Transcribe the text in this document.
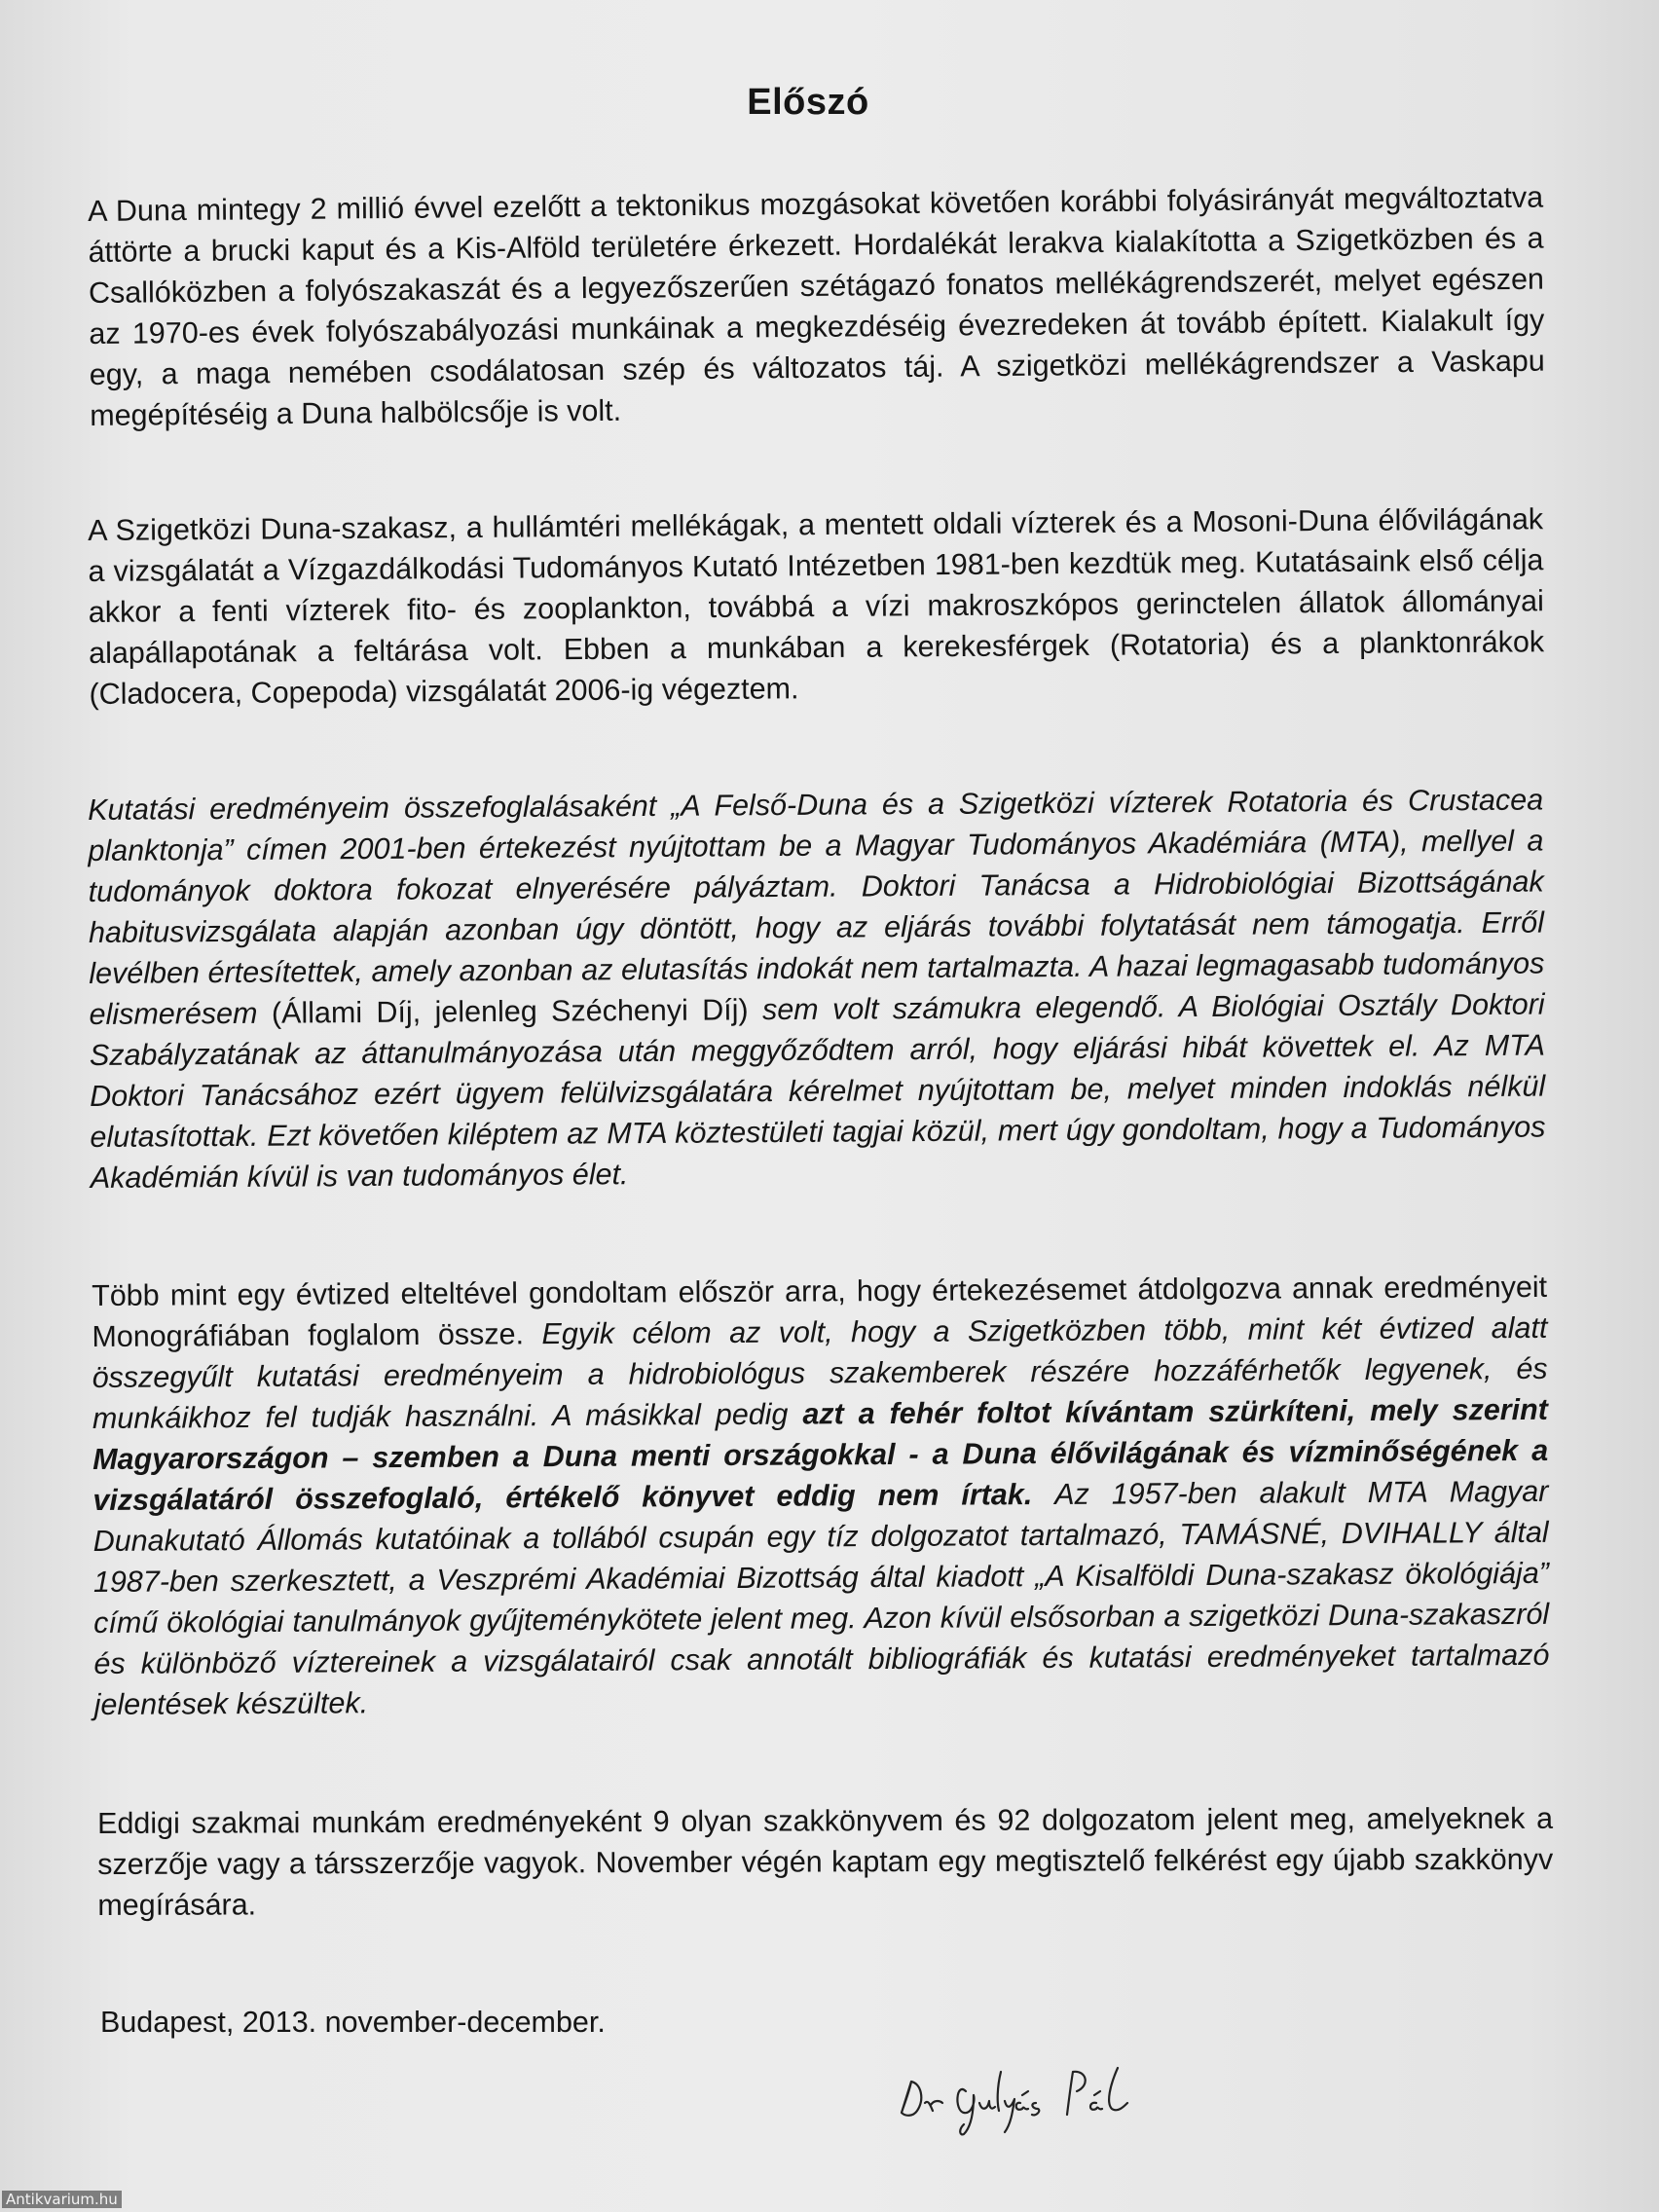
Előszó

A Duna mintegy 2 millió évvel ezelőtt a tektonikus mozgásokat követően korábbi folyásirányát megváltoztatva áttörte a brucki kaput és a Kis-Alföld területére érkezett. Hordalékát lerakva kialakította a Szigetközben és a Csallóközben a folyószakaszát és a legyezőszerűen szétágazó fonatos mellékágrendszerét, melyet egészen az 1970-es évek folyószabályozási munkáinak a megkezdéséig évezredeken át tovább épített. Kialakult így egy, a maga nemében csodálatosan szép és változatos táj. A szigetközi mellékágrendszer a Vaskapu megépítéséig a Duna halbölcsője is volt.

A Szigetközi Duna-szakasz, a hullámtéri mellékágak, a mentett oldali vízterek és a Mosoni-Duna élővilágának a vizsgálatát a Vízgazdálkodási Tudományos Kutató Intézetben 1981-ben kezdtük meg. Kutatásaink első célja akkor a fenti vízterek fito- és zooplankton, továbbá a vízi makroszkópos gerinctelen állatok állományai alapállapotának a feltárása volt. Ebben a munkában a kerekesférgek (Rotatoria) és a planktonrákok (Cladocera, Copepoda) vizsgálatát 2006-ig végeztem.

Kutatási eredményeim összefoglalásaként „A Felső-Duna és a Szigetközi vízterek Rotatoria és Crustacea planktonja” címen 2001-ben értekezést nyújtottam be a Magyar Tudományos Akadémiára (MTA), mellyel a tudományok doktora fokozat elnyerésére pályáztam. Doktori Tanácsa a Hidrobiológiai Bizottságának habitusvizsgálata alapján azonban úgy döntött, hogy az eljárás további folytatását nem támogatja. Erről levélben értesítettek, amely azonban az elutasítás indokát nem tartalmazta. A hazai legmagasabb tudományos elismerésem (Állami Díj, jelenleg Széchenyi Díj) sem volt számukra elegendő. A Biológiai Osztály Doktori Szabályzatának az áttanulmányozása után meggyőződtem arról, hogy eljárási hibát követtek el. Az MTA Doktori Tanácsához ezért ügyem felülvizsgálatára kérelmet nyújtottam be, melyet minden indoklás nélkül elutasítottak. Ezt követően kiléptem az MTA köztestületi tagjai közül, mert úgy gondoltam, hogy a Tudományos Akadémián kívül is van tudományos élet.

Több mint egy évtized elteltével gondoltam először arra, hogy értekezésemet átdolgozva annak eredményeit Monográfiában foglalom össze. Egyik célom az volt, hogy a Szigetközben több, mint két évtized alatt összegyűlt kutatási eredményeim a hidrobiológus szakemberek részére hozzáférhetők legyenek, és munkáikhoz fel tudják használni. A másikkal pedig azt a fehér foltot kívántam szürkíteni, mely szerint Magyarországon – szemben a Duna menti országokkal - a Duna élővilágának és vízminőségének a vizsgálatáról összefoglaló, értékelő könyvet eddig nem írtak. Az 1957-ben alakult MTA Magyar Dunakutató Állomás kutatóinak a tollából csupán egy tíz dolgozatot tartalmazó, TAMÁSNÉ, DVIHALLY által 1987-ben szerkesztett, a Veszprémi Akadémiai Bizottság által kiadott „A Kisalföldi Duna-szakasz ökológiája” című ökológiai tanulmányok gyűjteménykötete jelent meg. Azon kívül elsősorban a szigetközi Duna-szakaszról és különböző víztereinek a vizsgálatairól csak annotált bibliográfiák és kutatási eredményeket tartalmazó jelentések készültek.

Eddigi szakmai munkám eredményeként 9 olyan szakkönyvem és 92 dolgozatom jelent meg, amelyeknek a szerzője vagy a társszerzője vagyok. November végén kaptam egy megtisztelő felkérést egy újabb szakkönyv megírására.

Budapest, 2013. november-december.
Antikvarium.hu
